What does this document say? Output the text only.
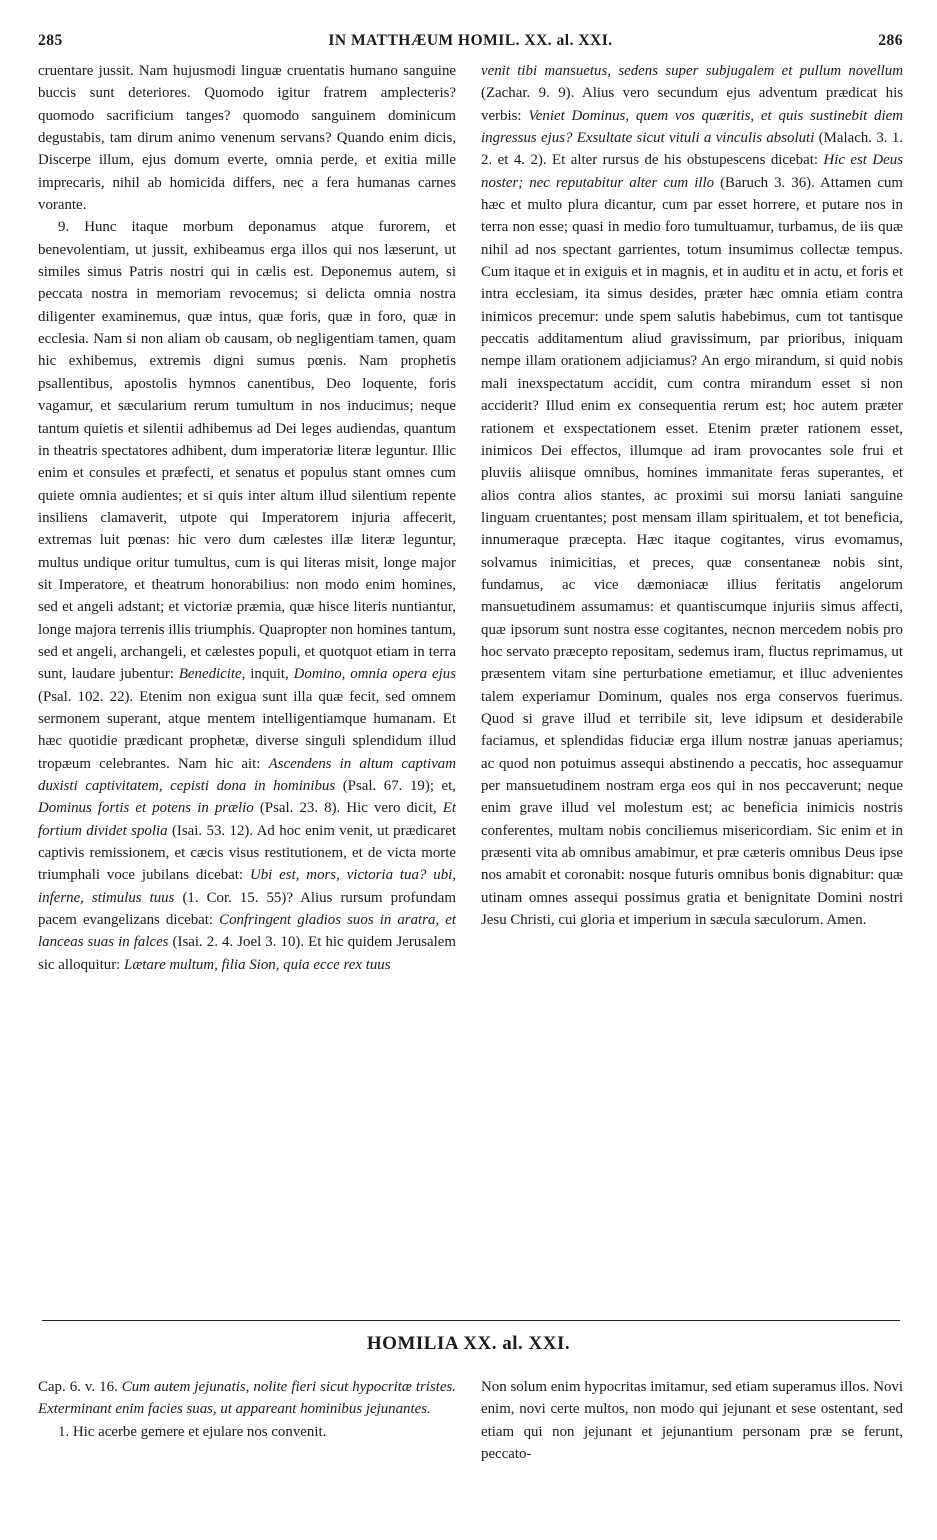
285	IN MATTHÆUM HOMIL. XX. al. XXI.	286

cruentare jussit. Nam hujusmodi linguæ cruentatis humano sanguine buccis sunt deteriores. Quomodo igitur fratrem amplecteris? quomodo sacrificium tanges? quomodo sanguinem dominicum degustabis, tam dirum animo venenum servans? Quando enim dicis, Discerpe illum, ejus domum everte, omnia perde, et exitia mille imprecaris, nihil ab homicida differs, nec a fera humanas carnes vorante.

9. Hunc itaque morbum deponamus atque furorem, et benevolentiam, ut jussit, exhibeamus erga illos qui nos læserunt, ut similes simus Patris nostri qui in cælis est. Deponemus autem, si peccata nostra in memoriam revocemus; si delicta omnia nostra diligenter examinemus, quæ intus, quæ foris, quæ in foro, quæ in ecclesia. Nam si non aliam ob causam, ob negligentiam tamen, quam hic exhibemus, extremis digni sumus pœnis. Nam prophetis psallentibus, apostolis hymnos canentibus, Deo loquente, foris vagamur, et sæcularium rerum tumultum in nos inducimus; neque tantum quietis et silentii adhibemus ad Dei leges audiendas, quantum in theatris spectatores adhibent, dum imperatoriæ literæ leguntur. Illic enim et consules et præfecti, et senatus et populus stant omnes cum quiete omnia audientes; et si quis inter altum illud silentium repente insiliens clamaverit, utpote qui Imperatorem injuria affecerit, extremas luit pœnas: hic vero dum cælestes illæ literæ leguntur, multus undique oritur tumultus, cum is qui literas misit, longe major sit Imperatore, et theatrum honorabilius: non modo enim homines, sed et angeli adstant; et victoriæ præmia, quæ hisce literis nuntiantur, longe majora terrenis illis triumphis. Quapropter non homines tantum, sed et angeli, archangeli, et cælestes populi, et quotquot etiam in terra sunt, laudare jubentur: Benedicite, inquit, Domino, omnia opera ejus (Psal. 102. 22). Etenim non exigua sunt illa quæ fecit, sed omnem sermonem superant, atque mentem intelligentiamque humanam. Et hæc quotidie prædicant prophetæ, diverse singuli splendidum illud tropæum celebrantes. Nam hic ait: Ascendens in altum captivam duxisti captivitatem, cepisti dona in hominibus (Psal. 67. 19); et, Dominus fortis et potens in prælio (Psal. 23. 8). Hic vero dicit, Et fortium dividet spolia (Isai. 53. 12). Ad hoc enim venit, ut prædicaret captivis remissionem, et cæcis visus restitutionem, et de victa morte triumphali voce jubilans dicebat: Ubi est, mors, victoria tua? ubi, inferne, stimulus tuus (1. Cor. 15. 55)? Alius rursum profundam pacem evangelizans dicebat: Confringent gladios suos in aratra, et lanceas suas in falces (Isai. 2. 4. Joel 3. 10). Et hic quidem Jerusalem sic alloquitur: Lætare multum, filia Sion, quia ecce rex tuus

venit tibi mansuetus, sedens super subjugalem et pullum novellum (Zachar. 9. 9). Alius vero secundum ejus adventum prædicat his verbis: Veniet Dominus, quem vos quæritis, et quis sustinebit diem ingressus ejus? Exsultate sicut vituli a vinculis absoluti (Malach. 3. 1. 2. et 4. 2). Et alter rursus de his obstupescens dicebat: Hic est Deus noster; nec reputabitur alter cum illo (Baruch 3. 36). Attamen cum hæc et multo plura dicantur, cum par esset horrere, et putare nos in terra non esse; quasi in medio foro tumultuamur, turbamus, de iis quæ nihil ad nos spectant garrientes, totum insumimus collectæ tempus. Cum itaque et in exiguis et in magnis, et in auditu et in actu, et foris et intra ecclesiam, ita simus desides, præter hæc omnia etiam contra inimicos precemur: unde spem salutis habebimus, cum tot tantisque peccatis additamentum aliud gravissimum, par prioribus, iniquam nempe illam orationem adjiciamus? An ergo mirandum, si quid nobis mali inexspectatum accidit, cum contra mirandum esset si non acciderit? Illud enim ex consequentia rerum est; hoc autem præter rationem et exspectationem esset. Etenim præter rationem esset, inimicos Dei effectos, illumque ad iram provocantes sole frui et pluviis aliisque omnibus, homines immanitate feras superantes, et alios contra alios stantes, ac proximi sui morsu laniati sanguine linguam cruentantes; post mensam illam spiritualem, et tot beneficia, innumeraque præcepta. Hæc itaque cogitantes, virus evomamus, solvamus inimicitias, et preces, quæ consentaneæ nobis sint, fundamus, ac vice dæmoniacæ illius feritatis angelorum mansuetudinem assumamus: et quantiscumque injuriis simus affecti, quæ ipsorum sunt nostra esse cogitantes, necnon mercedem nobis pro hoc servato præcepto repositam, sedemus iram, fluctus reprimamus, ut præsentem vitam sine perturbatione emetiamur, et illuc advenientes talem experiamur Dominum, quales nos erga conservos fuerimus. Quod si grave illud et terribile sit, leve idipsum et desiderabile faciamus, et splendidas fiduciæ erga illum nostræ januas aperiamus; ac quod non potuimus assequi abstinendo a peccatis, hoc assequamur per mansuetudinem nostram erga eos qui in nos peccaverunt; neque enim grave illud vel molestum est; ac beneficia inimicis nostris conferentes, multam nobis conciliemus misericordiam. Sic enim et in præsenti vita ab omnibus amabimur, et præ cæteris omnibus Deus ipse nos amabit et coronabit: nosque futuris omnibus bonis dignabitur: quæ utinam omnes assequi possimus gratia et benignitate Domini nostri Jesu Christi, cui gloria et imperium in sæcula sæculorum. Amen.

HOMILIA XX. al. XXI.

Cap. 6. v. 16. Cum autem jejunatis, nolite fieri sicut hypocritæ tristes. Exterminant enim facies suas, ut appareant hominibus jejunantes.

1. Hic acerbe gemere et ejulare nos convenit.

Non solum enim hypocritas imitamur, sed etiam superamus illos. Novi enim, novi certe multos, non modo qui jejunant et sese ostentant, sed etiam qui non jejunant et jejunantium personam præ se ferunt, peccato-
